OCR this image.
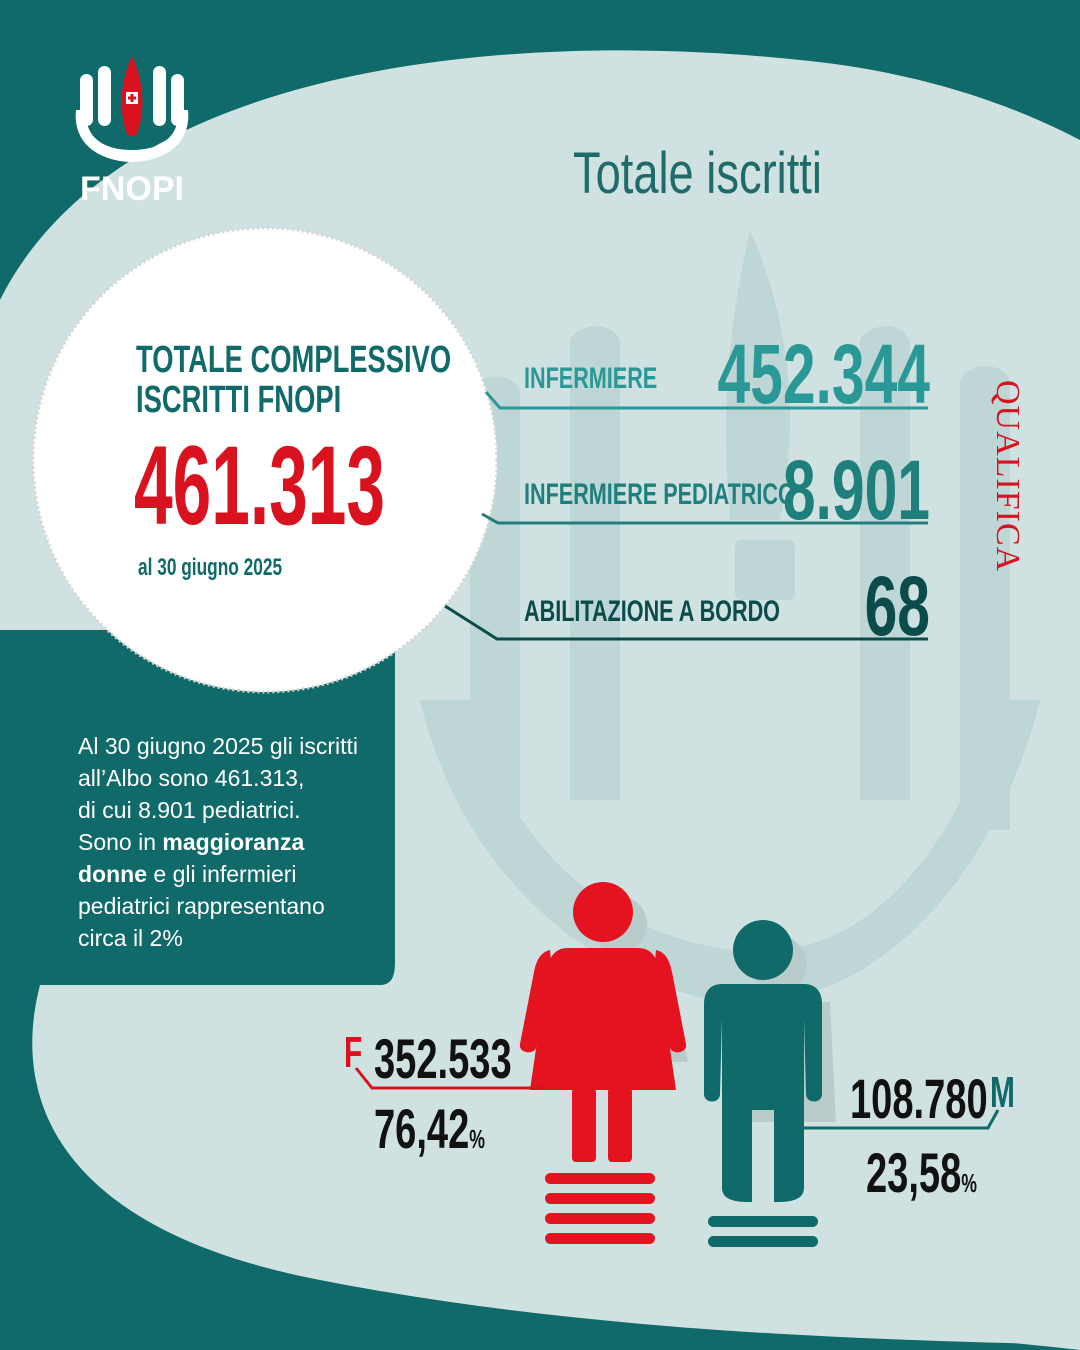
FNOPI	Totale iscritti
TOTALE COMPLESSIVO
ISCRITTI FNOPI
461.313
al 30 giugno 2025
INFERMIERE 452.344
INFERMIERE PEDIATRICO
8.901
ABILITAZIONE A BORDO	68
QUALIFICA
Al 30 giugno 2025 gli iscritti
all’Albo sono 461.313,
di cui 8.901 pediatrici.
Sono in maggioranza
donne e gli infermieri
pediatrici rappresentano
circa il 2%
F 352.533
76,42%
108.780 M
23,58%
